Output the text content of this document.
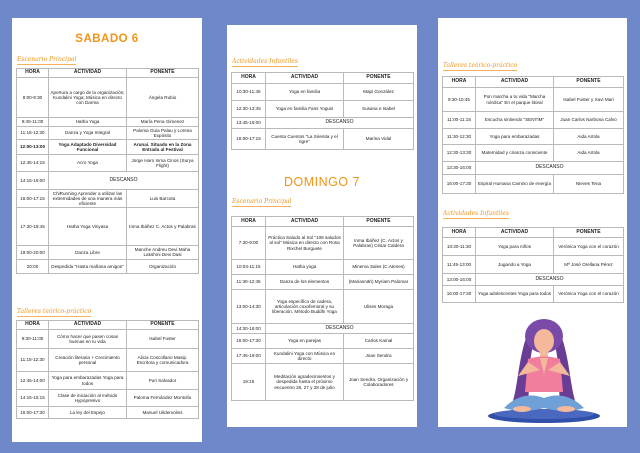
SABADO 6
Escenario Principal
HORA	ACTIVIDAD	PONENTE
8:00-9:30	Apertura a cargo de la organización; Kundalini Yoga; Música en directo con Darma	Ángela Rubio
9:45-11:00	Hatha Yoga	María Pena Gimenez
11:15-12:30	Danza y Yoga Integral	Paloma Guia Palau y Lorena Expósito
12:00-13:00	Yoga Adaptado Diversidad Funcional	Arunai. Situado en la Zona Entrada al Festival
12:45-14:15	Acro Yoga	Jorge Haro Inma Cinos (Surya Flight)
14:15-16:00	DESCANSO	
16:00-17:15	ChiRunning Aprender a utilizar las extremidades de una manera más eficiente	Luis Barcota
17:30-18:45	Hatha Yoga Vinyasa	Inma Ibáñez C. Actos y Palabras
19:00-20:00	Danza Libre	Manche Andreu Devi Maha Lakshmi Devi Dasi
20:00	Despedida "Hasta mañana amigos"	Organización
Talleres teórico-práctico
HORA	ACTIVIDAD	PONENTE
9:30-11:00	Cómo hacer que pasen cosas buenas en tu vida	Isabel Fuster
11:15-12:30	Creación literaria + Crecimiento personal	Alicia Coscollano Masip. Escritora y comunicadora
12:45-14:00	Yoga para embarazadas Yoga para todos	Puri Salvador
14:15-15:15	Clase de iniciación al método Hypopresivo	Paloma Fernández Montolíu
16:00-17:30	La ley del Espejo	Manuel Uildemolins
Actividades Infantiles
HORA	ACTIVIDAD	PONENTE
10:30-11:45	Yoga en familia	Mapi González
12:30-13:45	Yoga en familia Fami Yoguis	Susana e Isabel
13:45-16:00	DESCANSO	
16:00-17:15	Cuenta Cuentos "La Sirenita y el tigre"	Marina Vidal
DOMINGO 7
Escenario Principal
HORA	ACTIVIDAD	PONENTE
7:30-9:00	Práctica Saludo al Sol "108 saludos al sol" Música en directo con Rosa Rixchel Burguete	Inma Ibáñez (C. Actos y Palabras) César Caldera
10:03-11:15	Hatha yoga	Minerva Sales (C.Atenes)
11:30-12:45	Danza de los elementos	(Mariannāh) Myriam Palomar
13:00-14:30	Yoga específico de cadera, articulación coxofemoral y su liberación. Método Buddhi Yoga	Ulises Moraga
14:30-16:00	DESCANSO	
16:00-17:30	Yoga en parejas	Carlos Kamal
17:45-19:00	Kundalini Yoga con Música en directo	Joan Sendra
19:15	Meditación agradecimientos y despedida hasta el próximo encuentro 26, 27 y 28 de julio	Joan Sendra, Organización y Colaboradores
Talleres teórico-práctico
HORA	ACTIVIDAD	PONENTE
9:30-10:45	Pon marcha a tu vida "Marcha nórdica" En el parque litoral	Isabel Fuster y Xavi Mari
11:00-11:15	Escucha sintiendo "SENTIM"	Juan Carlos Narbona Calvo
11:30-12:30	Yoga para embarazadas	Aida Artola
12:30-13:30	Maternidad y crianza consciente	Aida Artola
13:30-16:00	DESCANSO	
16:00-17:30	Espiral Humana Camino de energía	Nieves Tena
Actividades Infantiles
HORA	ACTIVIDAD	PONENTE
10:30-11:30	Yoga para niños	Verónica Yoga con el corazón
11:45-13:00	Jugando a Yoga	Mª José Orellana Pérez
13:00-16:00	DESCANSO	
16:00-17:30	Yoga adolescentes Yoga para todos	Verónica Yoga con el corazón
